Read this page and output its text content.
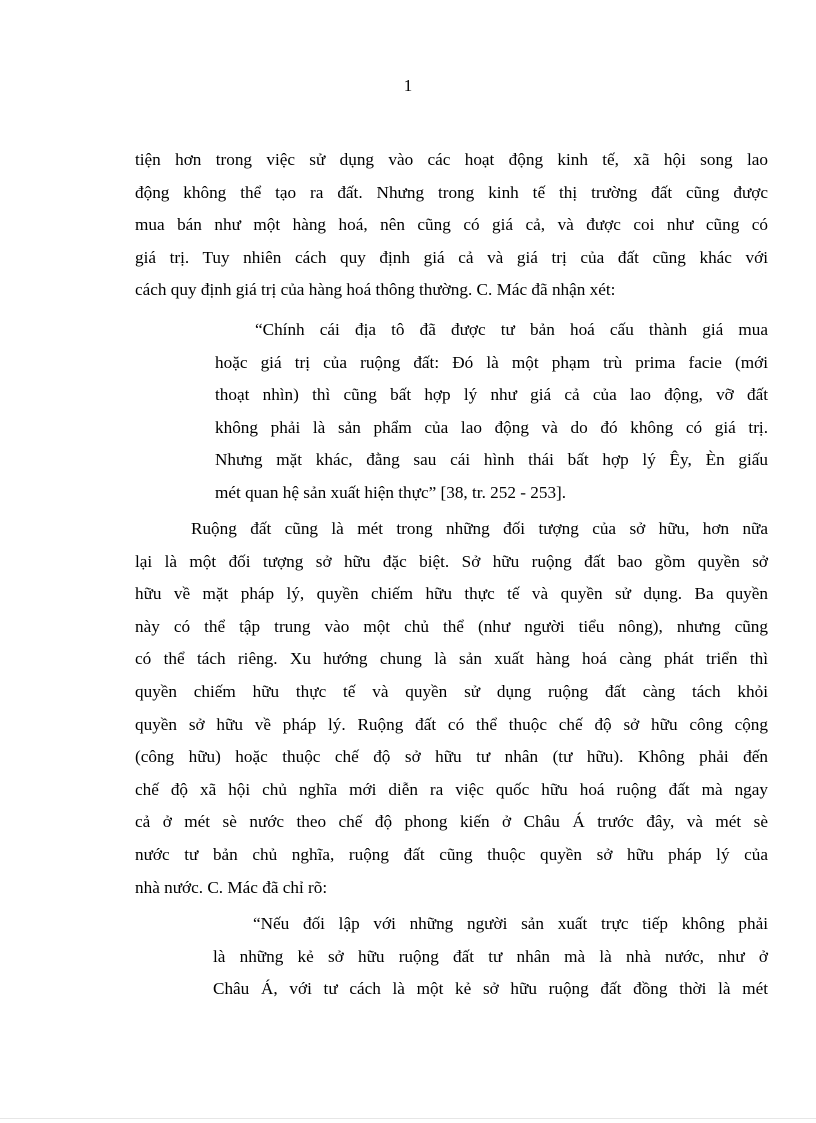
1
tiện hơn trong việc sử dụng vào các hoạt động kinh tế, xã hội song lao
động không thể tạo ra đất. Nhưng trong kinh tế thị trường đất cũng được
mua bán như một hàng hoá, nên cũng có giá cả, và được coi như cũng có
giá trị. Tuy nhiên cách quy định giá cả và giá trị của đất cũng khác với
cách quy định giá trị của hàng hoá thông thường. C. Mác đã nhận xét:
“Chính cái địa tô đã được tư bản hoá cấu thành giá mua
hoặc giá trị của ruộng đất: Đó là một phạm trù prima facie (mới
thoạt nhìn) thì cũng bất hợp lý như giá cả của lao động, vỡ đất
không phải là sản phẩm của lao động và do đó không có giá trị.
Nhưng mặt khác, đằng sau cái hình thái bất hợp lý Êy, Èn giấu
mét quan hệ sản xuất hiện thực” [38, tr. 252 - 253].
Ruộng đất cũng là mét trong những đối tượng của sở hữu, hơn nữa
lại là một đối tượng sở hữu đặc biệt. Sở hữu ruộng đất bao gồm quyền sở
hữu về mặt pháp lý, quyền chiếm hữu thực tế và quyền sử dụng. Ba quyền
này có thể tập trung vào một chủ thể (như người tiểu nông), nhưng cũng
có thể tách riêng. Xu hướng chung là sản xuất hàng hoá càng phát triển thì
quyền chiếm hữu thực tế và quyền sử dụng ruộng đất càng tách khỏi
quyền sở hữu về pháp lý. Ruộng đất có thể thuộc chế độ sở hữu công cộng
(công hữu) hoặc thuộc chế độ sở hữu tư nhân (tư hữu). Không phải đến
chế độ xã hội chủ nghĩa mới diễn ra việc quốc hữu hoá ruộng đất mà ngay
cả ở mét sè nước theo chế độ phong kiến ở Châu Á trước đây, và mét sè
nước tư bản chủ nghĩa, ruộng đất cũng thuộc quyền sở hữu pháp lý của
nhà nước. C. Mác đã chỉ rõ:
“Nếu đối lập với những người sản xuất trực tiếp không phải
là những kẻ sở hữu ruộng đất tư nhân mà là nhà nước, như ở
Châu Á, với tư cách là một kẻ sở hữu ruộng đất đồng thời là mét
